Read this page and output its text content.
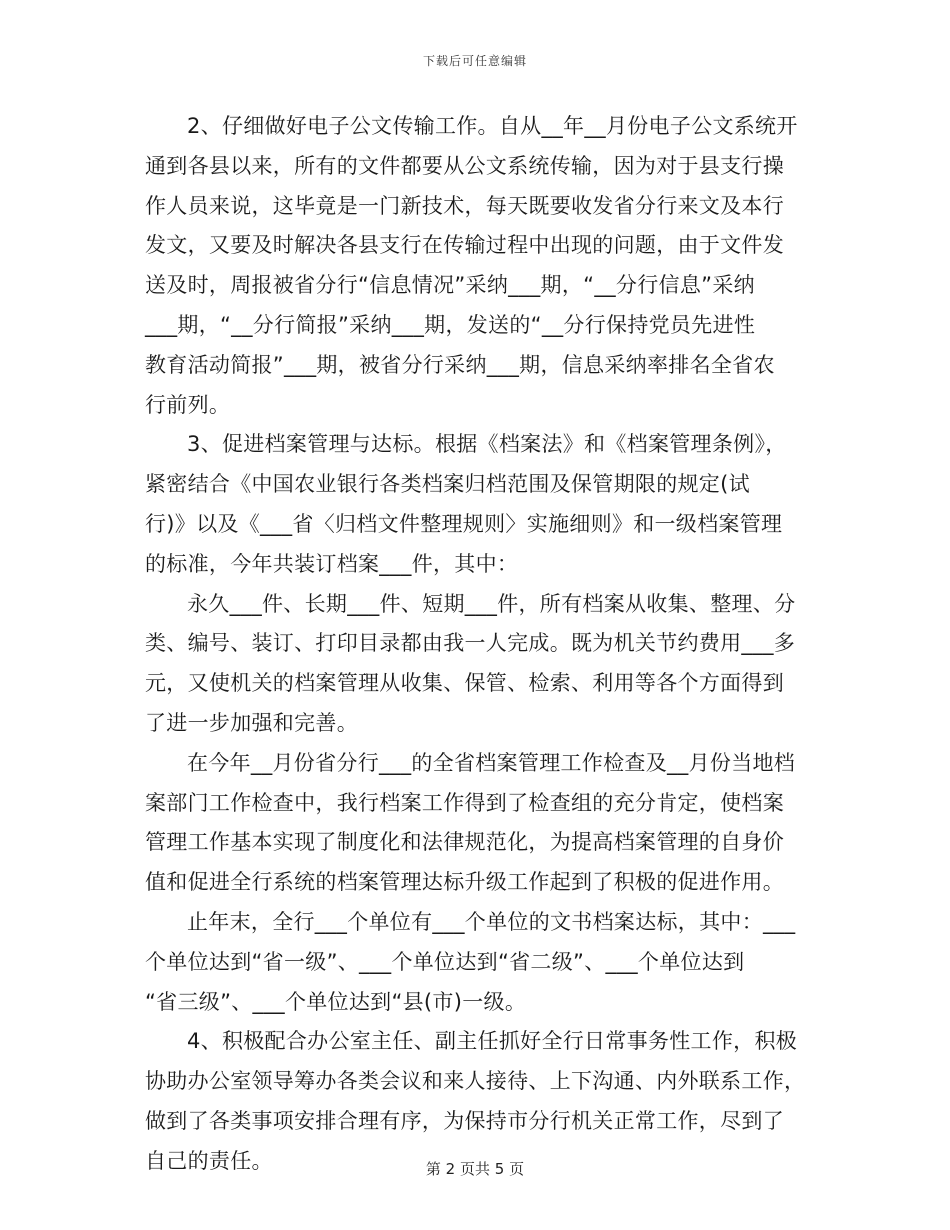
下载后可任意编辑
2、仔细做好电子公文传输工作。自从__年__月份电子公文系统开
通到各县以来，所有的文件都要从公文系统传输，因为对于县支行操
作人员来说，这毕竟是一门新技术，每天既要收发省分行来文及本行
发文，又要及时解决各县支行在传输过程中出现的问题，由于文件发
送及时，周报被省分行“信息情况”采纳___期，“__分行信息”采纳
___期，“__分行简报”采纳___期，发送的“__分行保持党员先进性
教育活动简报”___期，被省分行采纳___期，信息采纳率排名全省农
行前列。
3、促进档案管理与达标。根据《档案法》和《档案管理条例》，
紧密结合《中国农业银行各类档案归档范围及保管期限的规定(试
行)》以及《___省〈归档文件整理规则〉实施细则》和一级档案管理
的标准，今年共装订档案___件，其中：
永久___件、长期___件、短期___件，所有档案从收集、整理、分
类、编号、装订、打印目录都由我一人完成。既为机关节约费用___多
元，又使机关的档案管理从收集、保管、检索、利用等各个方面得到
了进一步加强和完善。
在今年__月份省分行___的全省档案管理工作检查及__月份当地档
案部门工作检查中，我行档案工作得到了检查组的充分肯定，使档案
管理工作基本实现了制度化和法律规范化，为提高档案管理的自身价
值和促进全行系统的档案管理达标升级工作起到了积极的促进作用。
止年末，全行___个单位有___个单位的文书档案达标，其中：___
个单位达到“省一级”、___个单位达到“省二级”、___个单位达到
“省三级”、___个单位达到“县(市)一级。
4、积极配合办公室主任、副主任抓好全行日常事务性工作，积极
协助办公室领导筹办各类会议和来人接待、上下沟通、内外联系工作，
做到了各类事项安排合理有序，为保持市分行机关正常工作，尽到了
自己的责任。	第 2 页共 5 页
